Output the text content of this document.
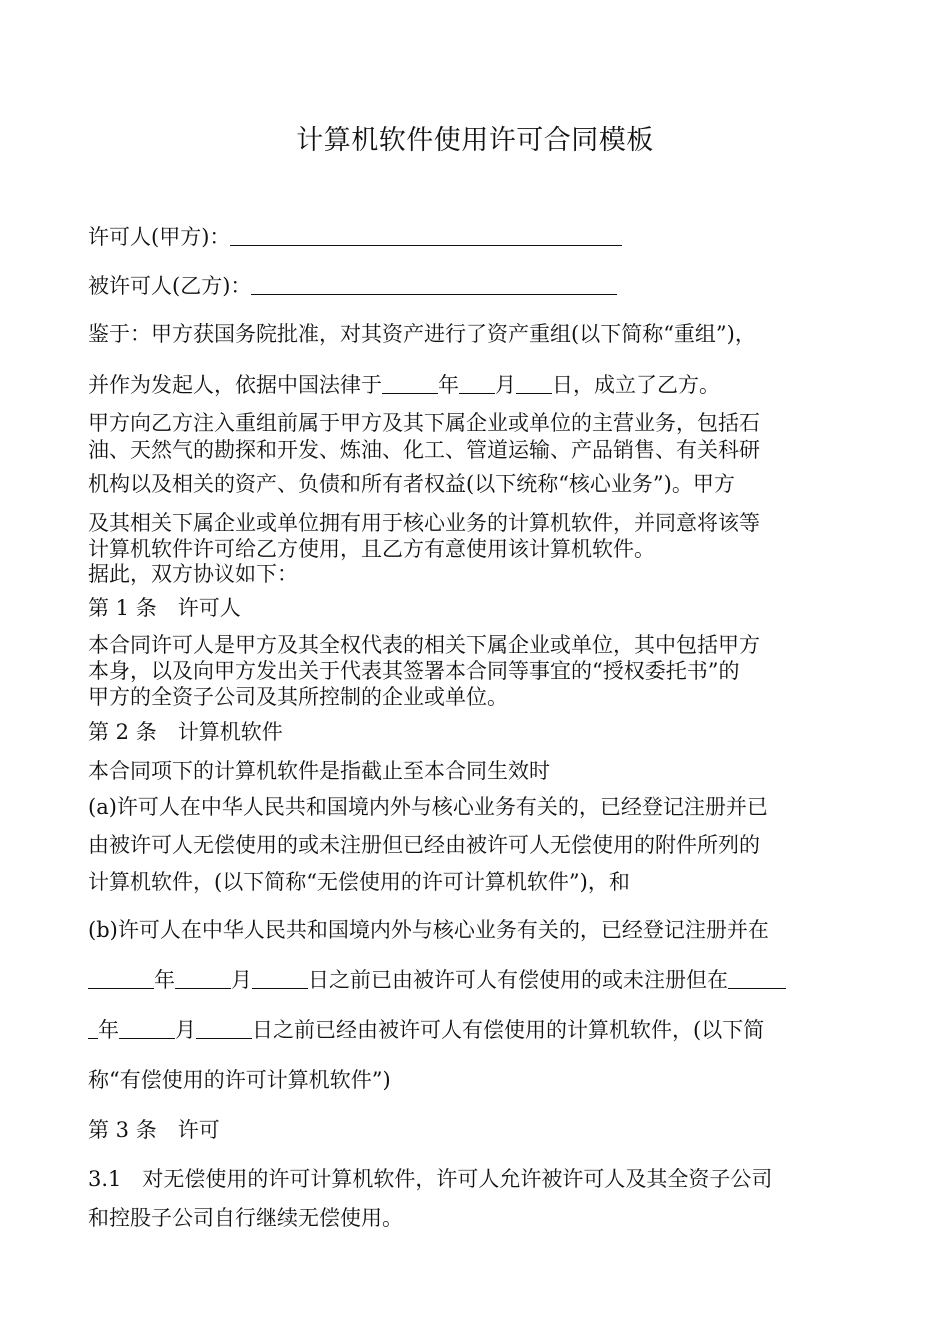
计算机软件使用许可合同模板
许可人(甲方)：
被许可人(乙方)：
鉴于：甲方获国务院批准，对其资产进行了资产重组(以下简称“重组”)，
并作为发起人，依据中国法律于	年 月 日，成立了乙方。
甲方向乙方注入重组前属于甲方及其下属企业或单位的主营业务，包括石
油、天然气的勘探和开发、炼油、化工、管道运输、产品销售、有关科研
机构以及相关的资产、负债和所有者权益(以下统称“核心业务”)。甲方
及其相关下属企业或单位拥有用于核心业务的计算机软件，并同意将该等
计算机软件许可给乙方使用，且乙方有意使用该计算机软件。
据此，双方协议如下：
第 1 条　许可人
本合同许可人是甲方及其全权代表的相关下属企业或单位，其中包括甲方
本身，以及向甲方发出关于代表其签署本合同等事宜的“授权委托书”的
甲方的全资子公司及其所控制的企业或单位。
第 2 条　计算机软件
本合同项下的计算机软件是指截止至本合同生效时
(a)许可人在中华人民共和国境内外与核心业务有关的，已经登记注册并已
由被许可人无偿使用的或未注册但已经由被许可人无偿使用的附件所列的
计算机软件，(以下简称“无偿使用的许可计算机软件”)，和
(b)许可人在中华人民共和国境内外与核心业务有关的，已经登记注册并在
年	月	日之前已由被许可人有偿使用的或未注册但在
年	月	日之前已经由被许可人有偿使用的计算机软件，(以下简
称“有偿使用的许可计算机软件”)
第 3 条　许可
3.1　对无偿使用的许可计算机软件，许可人允许被许可人及其全资子公司
和控股子公司自行继续无偿使用。
